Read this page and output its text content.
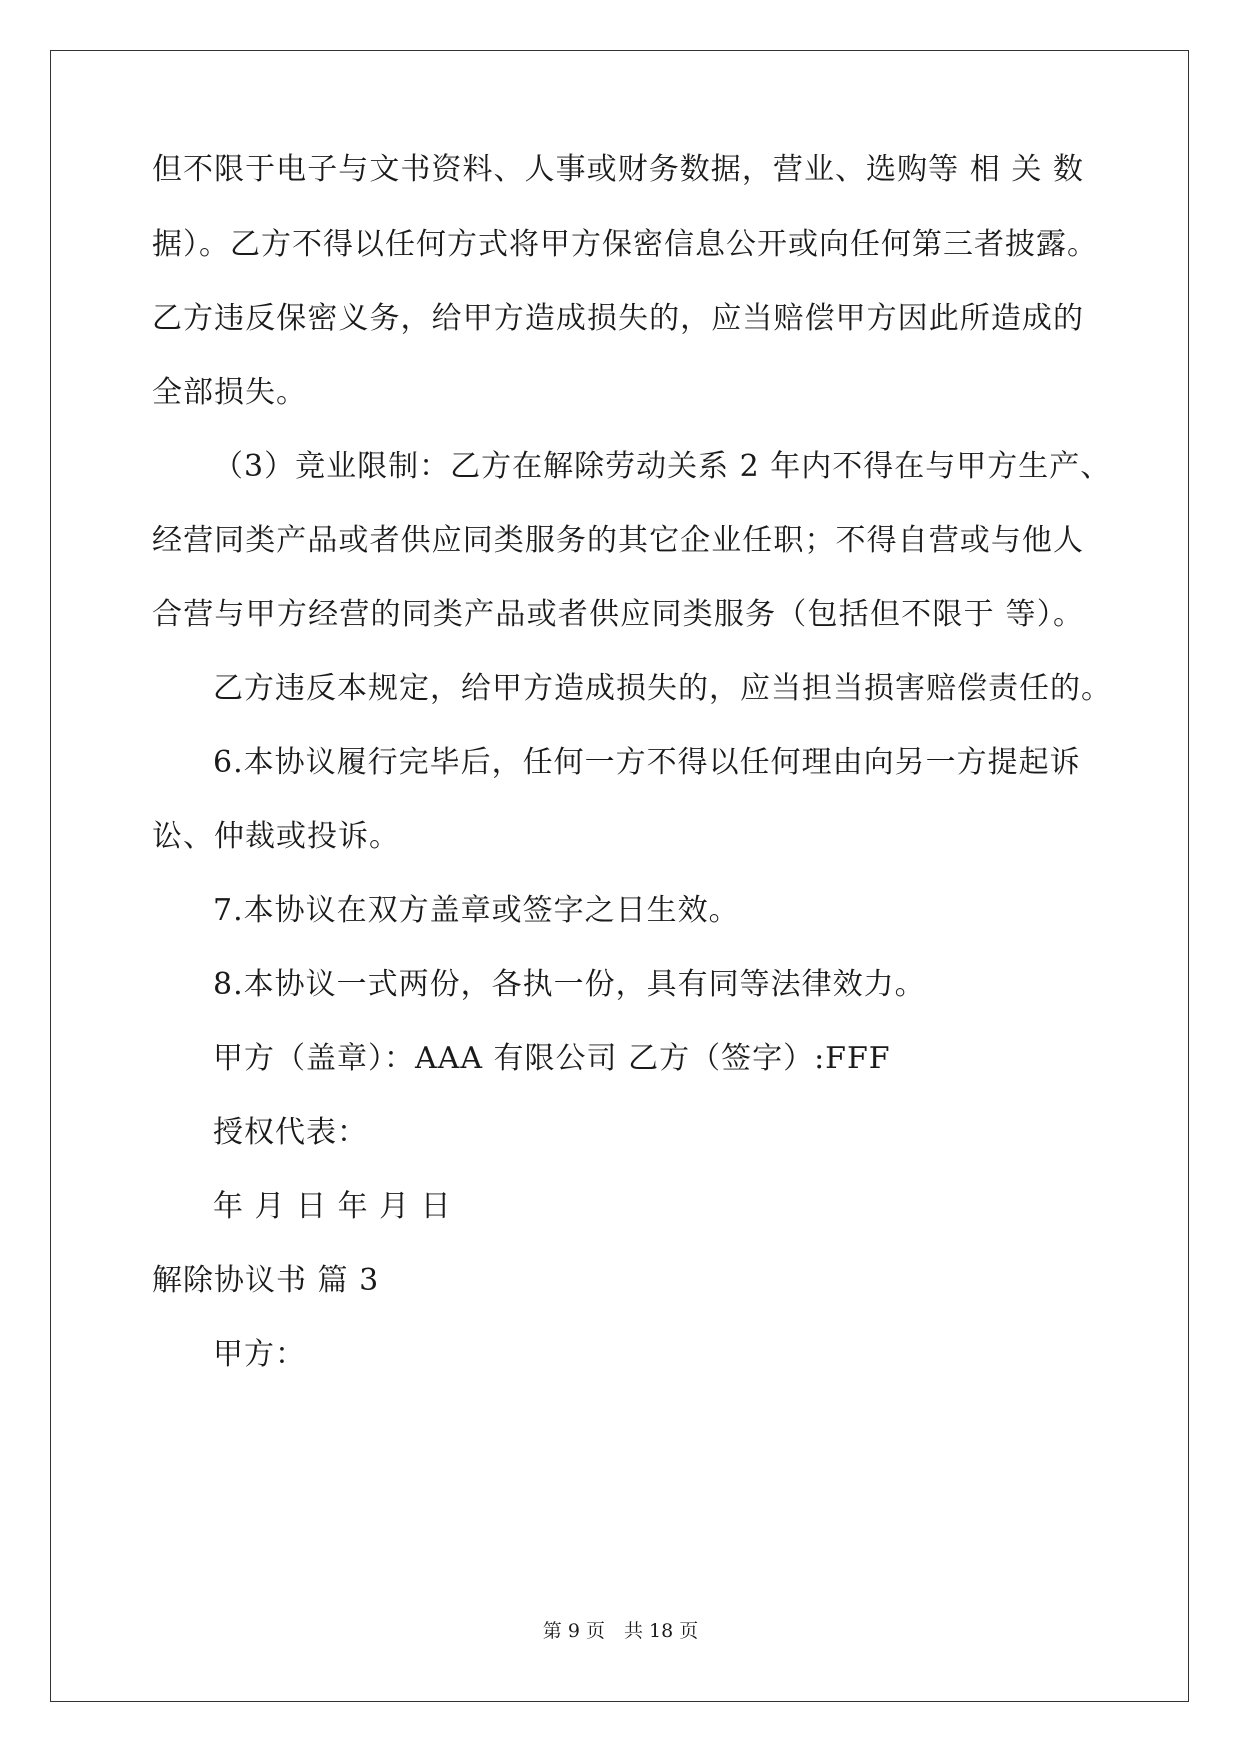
但不限于电子与文书资料、人事或财务数据，营业、选购等 相 关 数
据）。乙方不得以任何方式将甲方保密信息公开或向任何第三者披露。
乙方违反保密义务，给甲方造成损失的，应当赔偿甲方因此所造成的
全部损失。
（3）竞业限制：乙方在解除劳动关系 2 年内不得在与甲方生产、
经营同类产品或者供应同类服务的其它企业任职；不得自营或与他人
合营与甲方经营的同类产品或者供应同类服务（包括但不限于 等）。
乙方违反本规定，给甲方造成损失的，应当担当损害赔偿责任的。
6.本协议履行完毕后，任何一方不得以任何理由向另一方提起诉
讼、仲裁或投诉。
7.本协议在双方盖章或签字之日生效。
8.本协议一式两份，各执一份，具有同等法律效力。
甲方（盖章）：AAA 有限公司 乙方（签字）:FFF
授权代表：
年 月 日 年 月 日
解除协议书 篇 3
甲方：
第 9 页　共 18 页
